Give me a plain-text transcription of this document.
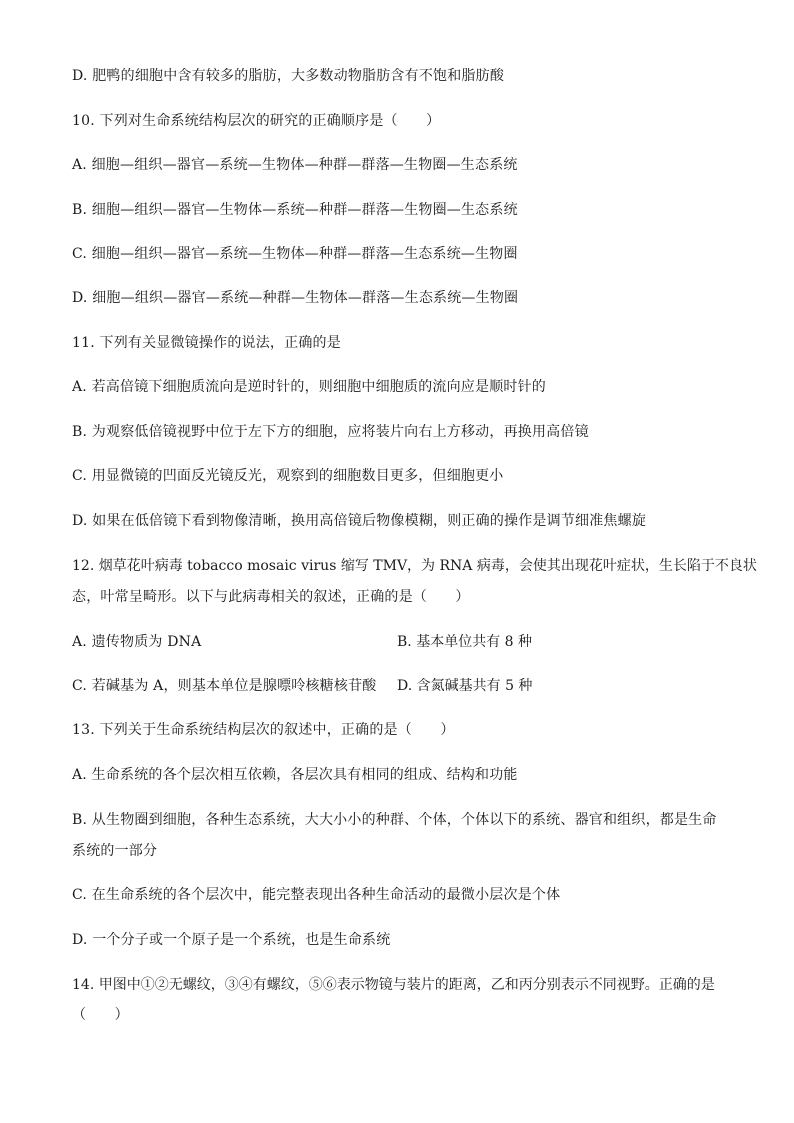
D. 肥鸭的细胞中含有较多的脂肪，大多数动物脂肪含有不饱和脂肪酸
10. 下列对生命系统结构层次的研究的正确顺序是（　　）
A. 细胞—组织—器官—系统—生物体—种群—群落—生物圈—生态系统
B. 细胞—组织—器官—生物体—系统—种群—群落—生物圈—生态系统
C. 细胞—组织—器官—系统—生物体—种群—群落—生态系统—生物圈
D. 细胞—组织—器官—系统—种群—生物体—群落—生态系统—生物圈
11. 下列有关显微镜操作的说法，正确的是
A. 若高倍镜下细胞质流向是逆时针的，则细胞中细胞质的流向应是顺时针的
B. 为观察低倍镜视野中位于左下方的细胞，应将装片向右上方移动，再换用高倍镜
C. 用显微镜的凹面反光镜反光，观察到的细胞数目更多，但细胞更小
D. 如果在低倍镜下看到物像清晰，换用高倍镜后物像模糊，则正确的操作是调节细准焦螺旋
12. 烟草花叶病毒 tobacco mosaic virus 缩写 TMV，为 RNA 病毒，会使其出现花叶症状，生长陷于不良状
态，叶常呈畸形。以下与此病毒相关的叙述，正确的是（　　）
A. 遗传物质为 DNA	B. 基本单位共有 8 种
C. 若碱基为 A，则基本单位是腺嘌呤核糖核苷酸 D. 含氮碱基共有 5 种
13. 下列关于生命系统结构层次的叙述中，正确的是（　　）
A. 生命系统的各个层次相互依赖，各层次具有相同的组成、结构和功能
B. 从生物圈到细胞，各种生态系统，大大小小的种群、个体，个体以下的系统、器官和组织，都是生命
系统的一部分
C. 在生命系统的各个层次中，能完整表现出各种生命活动的最微小层次是个体
D. 一个分子或一个原子是一个系统，也是生命系统
14. 甲图中①②无螺纹，③④有螺纹，⑤⑥表示物镜与装片的距离，乙和丙分别表示不同视野。正确的是
（　　）
